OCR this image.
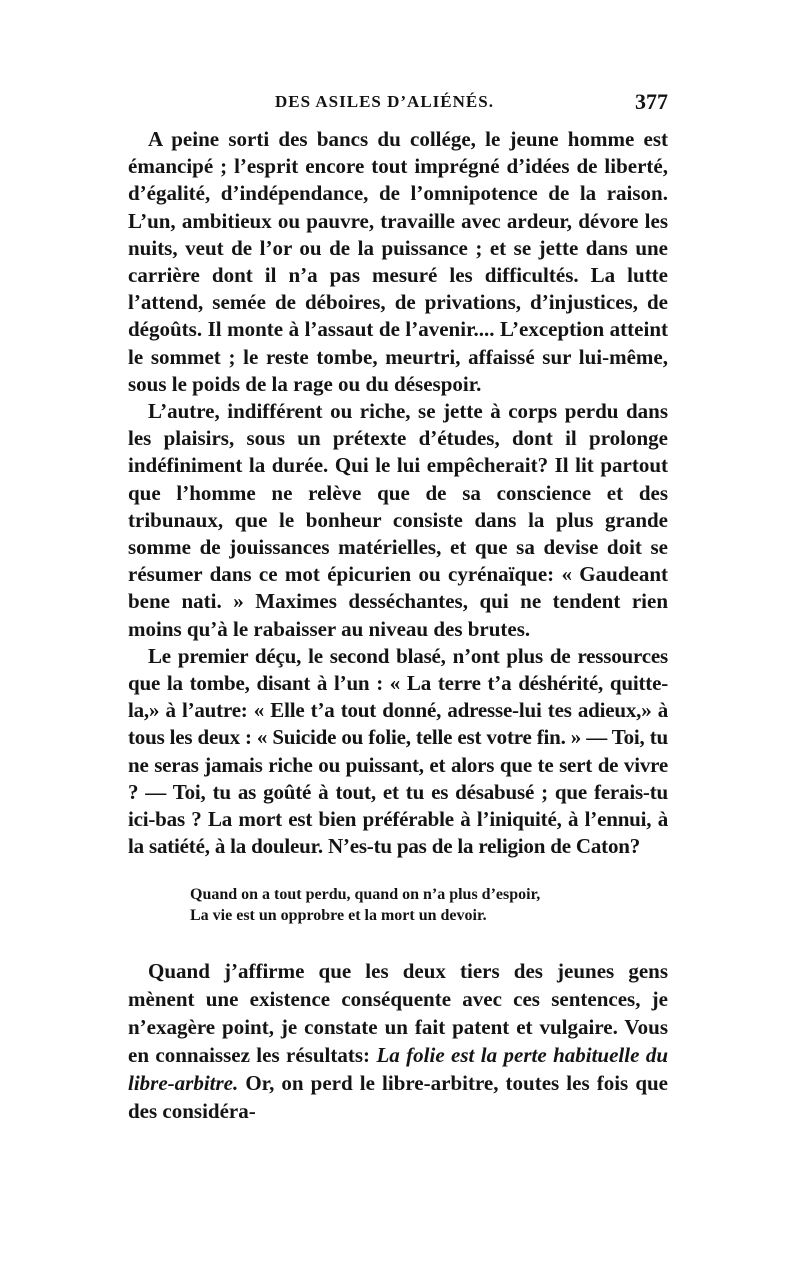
DES ASILES D’ALIÉNÉS.	377

A peine sorti des bancs du collége, le jeune homme est émancipé ; l’esprit encore tout imprégné d’idées de liberté, d’égalité, d’indépendance, de l’omnipotence de la raison. L’un, ambitieux ou pauvre, travaille avec ardeur, dévore les nuits, veut de l’or ou de la puissance ; et se jette dans une carrière dont il n’a pas mesuré les difficultés. La lutte l’attend, semée de déboires, de privations, d’injustices, de dégoûts. Il monte à l’assaut de l’avenir.... L’exception atteint le sommet ; le reste tombe, meurtri, affaissé sur lui-même, sous le poids de la rage ou du désespoir.

L’autre, indifférent ou riche, se jette à corps perdu dans les plaisirs, sous un prétexte d’études, dont il prolonge indéfiniment la durée. Qui le lui empêcherait? Il lit partout que l’homme ne relève que de sa conscience et des tribunaux, que le bonheur consiste dans la plus grande somme de jouissances matérielles, et que sa devise doit se résumer dans ce mot épicurien ou cyrénaïque: « Gaudeant bene nati. » Maximes desséchantes, qui ne tendent rien moins qu’à le rabaisser au niveau des brutes.

Le premier déçu, le second blasé, n’ont plus de ressources que la tombe, disant à l’un : « La terre t’a déshérité, quitte-la,» à l’autre: « Elle t’a tout donné, adresse-lui tes adieux,» à tous les deux : « Suicide ou folie, telle est votre fin. » — Toi, tu ne seras jamais riche ou puissant, et alors que te sert de vivre ? — Toi, tu as goûté à tout, et tu es désabusé ; que ferais-tu ici-bas ? La mort est bien préférable à l’iniquité, à l’ennui, à la satiété, à la douleur. N’es-tu pas de la religion de Caton?

Quand on a tout perdu, quand on n’a plus d’espoir,
La vie est un opprobre et la mort un devoir.

Quand j’affirme que les deux tiers des jeunes gens mènent une existence conséquente avec ces sentences, je n’exagère point, je constate un fait patent et vulgaire. Vous en connaissez les résultats: La folie est la perte habituelle du libre-arbitre. Or, on perd le libre-arbitre, toutes les fois que des considéra-
